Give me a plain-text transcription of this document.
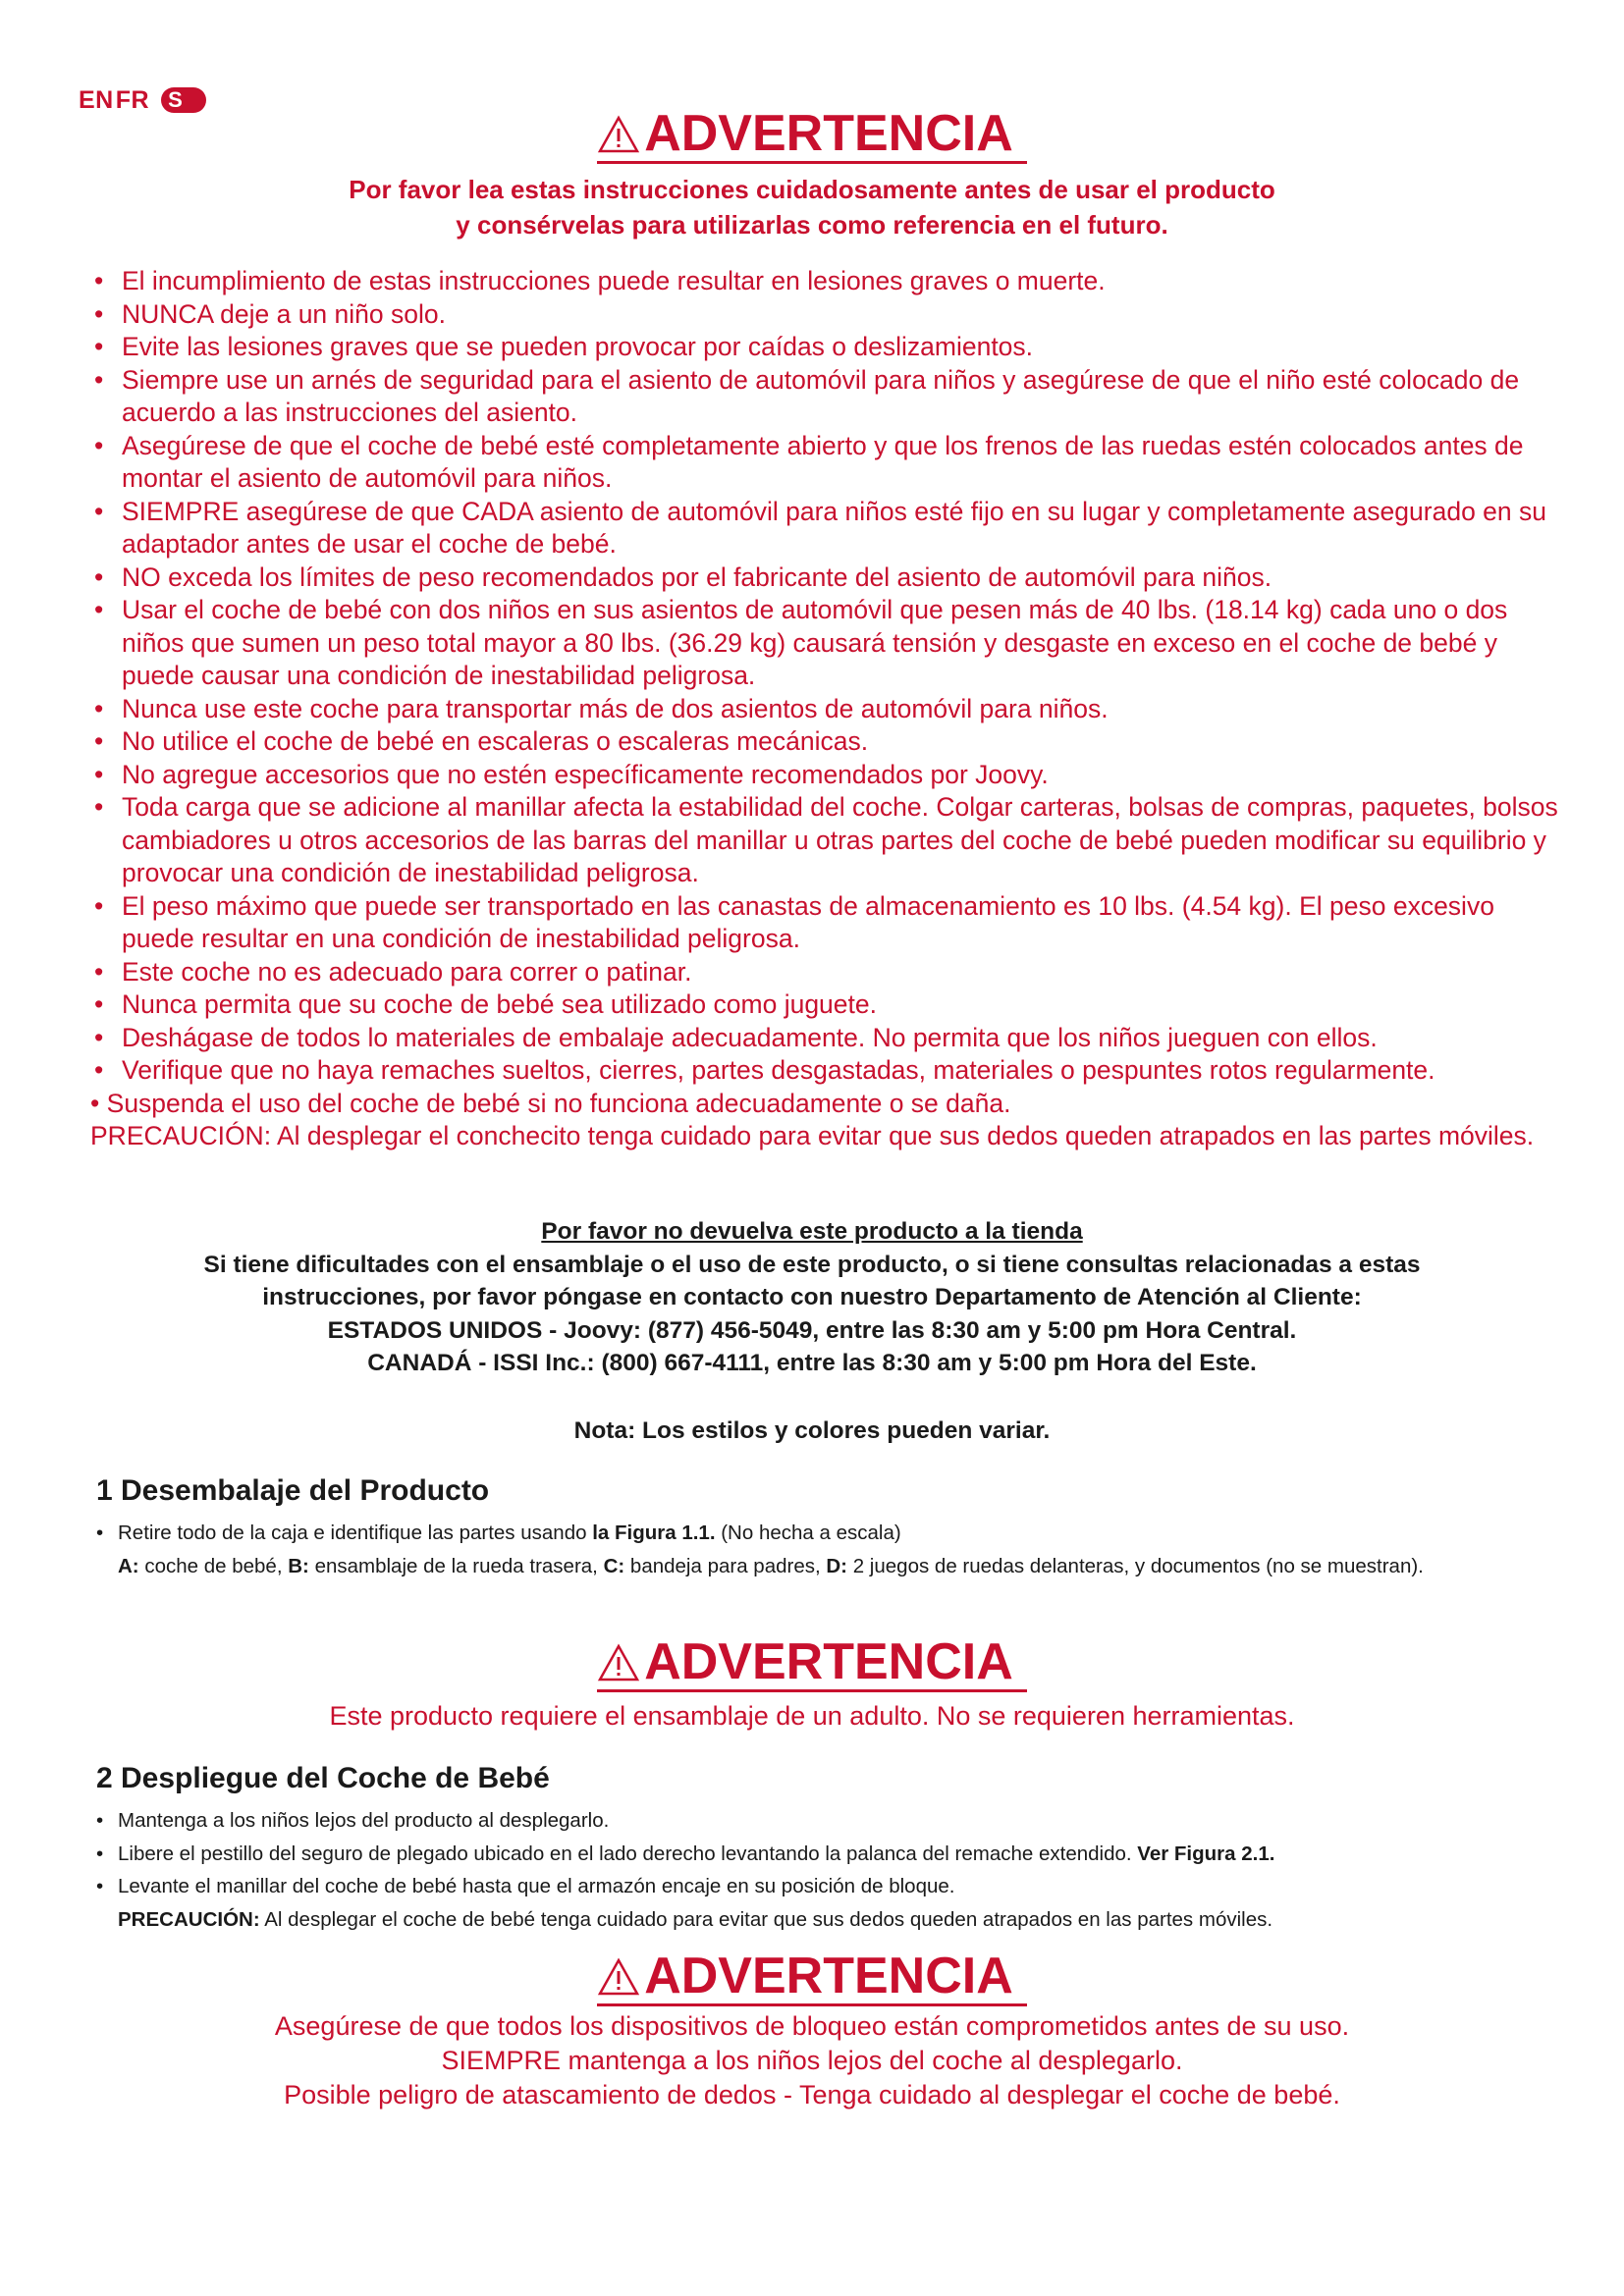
EN FR S
ADVERTENCIA
Por favor lea estas instrucciones cuidadosamente antes de usar el producto
y consérvelas para utilizarlas como referencia en el futuro.
• El incumplimiento de estas instrucciones puede resultar en lesiones graves o muerte.
• NUNCA deje a un niño solo.
• Evite las lesiones graves que se pueden provocar por caídas o deslizamientos.
• Siempre use un arnés de seguridad para el asiento de automóvil para niños y asegúrese de que el niño esté colocado de acuerdo a las instrucciones del asiento.
• Asegúrese de que el coche de bebé esté completamente abierto y que los frenos de las ruedas estén colocados antes de montar el asiento de automóvil para niños.
• SIEMPRE asegúrese de que CADA asiento de automóvil para niños esté fijo en su lugar y completamente asegurado en su adaptador antes de usar el coche de bebé.
• NO exceda los límites de peso recomendados por el fabricante del asiento de automóvil para niños.
• Usar el coche de bebé con dos niños en sus asientos de automóvil que pesen más de 40 lbs. (18.14 kg) cada uno o dos niños que sumen un peso total mayor a 80 lbs. (36.29 kg) causará tensión y desgaste en exceso en el coche de bebé y puede causar una condición de inestabilidad peligrosa.
• Nunca use este coche para transportar más de dos asientos de automóvil para niños.
• No utilice el coche de bebé en escaleras o escaleras mecánicas.
• No agregue accesorios que no estén específicamente recomendados por Joovy.
• Toda carga que se adicione al manillar afecta la estabilidad del coche. Colgar carteras, bolsas de compras, paquetes, bolsos cambiadores u otros accesorios de las barras del manillar u otras partes del coche de bebé pueden modificar su equilibrio y provocar una condición de inestabilidad peligrosa.
• El peso máximo que puede ser transportado en las canastas de almacenamiento es 10 lbs. (4.54 kg). El peso excesivo puede resultar en una condición de inestabilidad peligrosa.
• Este coche no es adecuado para correr o patinar.
• Nunca permita que su coche de bebé sea utilizado como juguete.
• Deshágase de todos lo materiales de embalaje adecuadamente. No permita que los niños jueguen con ellos.
• Verifique que no haya remaches sueltos, cierres, partes desgastadas, materiales o pespuntes rotos regularmente.
• Suspenda el uso del coche de bebé si no funciona adecuadamente o se daña.
PRECAUCIÓN: Al desplegar el conchecito tenga cuidado para evitar que sus dedos queden atrapados en las partes móviles.
Por favor no devuelva este producto a la tienda
Si tiene dificultades con el ensamblaje o el uso de este producto, o si tiene consultas relacionadas a estas
instrucciones, por favor póngase en contacto con nuestro Departamento de Atención al Cliente:
ESTADOS UNIDOS - Joovy: (877) 456-5049, entre las 8:30 am y 5:00 pm Hora Central.
CANADÁ - ISSI Inc.: (800) 667-4111, entre las 8:30 am y 5:00 pm Hora del Este.
Nota: Los estilos y colores pueden variar.
1 Desembalaje del Producto
• Retire todo de la caja e identifique las partes usando la Figura 1.1. (No hecha a escala)
A: coche de bebé, B: ensamblaje de la rueda trasera, C: bandeja para padres, D: 2 juegos de ruedas delanteras, y documentos (no se muestran).
ADVERTENCIA
Este producto requiere el ensamblaje de un adulto. No se requieren herramientas.
2 Despliegue del Coche de Bebé
• Mantenga a los niños lejos del producto al desplegarlo.
• Libere el pestillo del seguro de plegado ubicado en el lado derecho levantando la palanca del remache extendido. Ver Figura 2.1.
• Levante el manillar del coche de bebé hasta que el armazón encaje en su posición de bloque.
PRECAUCIÓN: Al desplegar el coche de bebé tenga cuidado para evitar que sus dedos queden atrapados en las partes móviles.
ADVERTENCIA
Asegúrese de que todos los dispositivos de bloqueo están comprometidos antes de su uso.
SIEMPRE mantenga a los niños lejos del coche al desplegarlo.
Posible peligro de atascamiento de dedos - Tenga cuidado al desplegar el coche de bebé.
